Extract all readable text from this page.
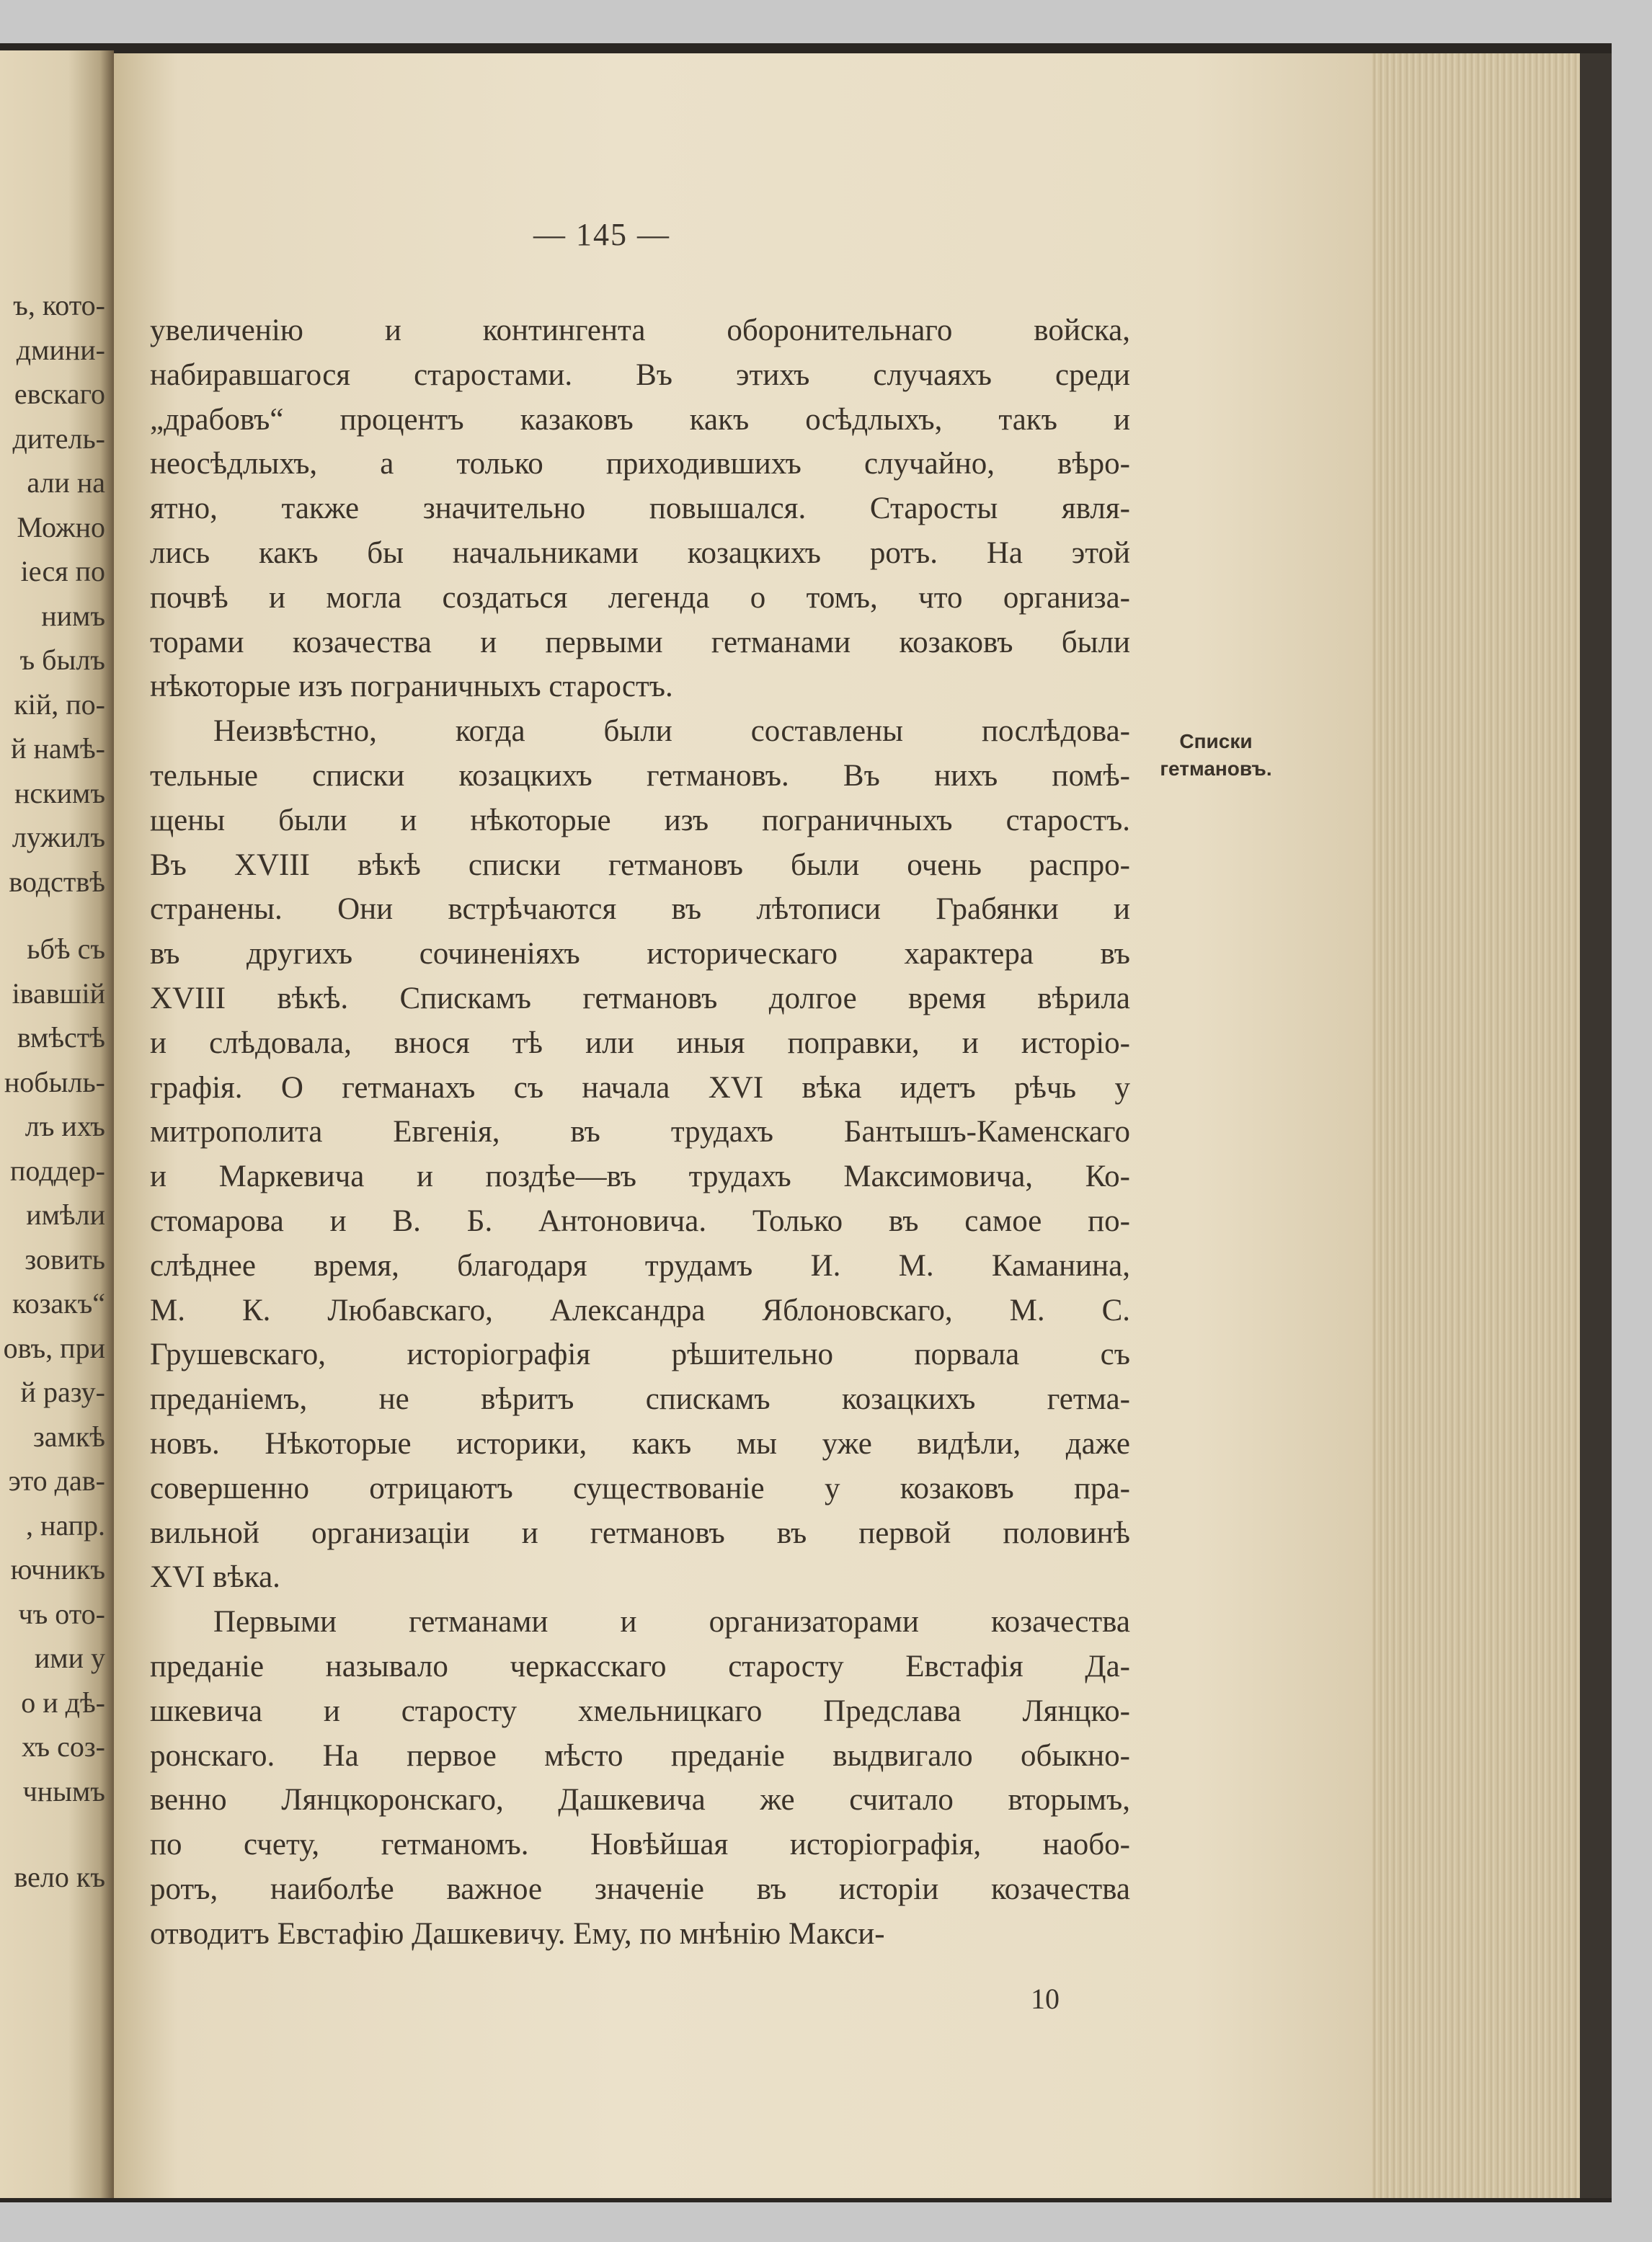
ъ, кото-
дмини-
евскаго
дитель-
али на
Можно
іеся по
нимъ
ъ былъ
кій, по-
й намѣ-
нскимъ
лужилъ
водствѣ
ьбѣ съ
івавшій
вмѣстѣ
нобыль-
лъ ихъ
поддер-
имѣли
зовить
козакъ“
овъ, при
й разу-
замкѣ
это дав-
, напр.
ючникъ
чъ ото-
ими у
о и дѣ-
хъ соз-
чнымъ
вело къ
— 145 —
увеличенію и контингента оборонительнаго войска,
набиравшагося старостами. Въ этихъ случаяхъ среди
„драбовъ“ процентъ казаковъ какъ осѣдлыхъ, такъ и
неосѣдлыхъ, а только приходившихъ случайно, вѣро-
ятно, также значительно повышался. Старосты явля-
лись какъ бы начальниками козацкихъ ротъ. На этой
почвѣ и могла создаться легенда о томъ, что организа-
торами козачества и первыми гетманами козаковъ были
нѣкоторые изъ пограничныхъ старостъ.
Неизвѣстно, когда были составлены послѣдова-
тельные списки козацкихъ гетмановъ. Въ нихъ помѣ-
щены были и нѣкоторые изъ пограничныхъ старостъ.
Въ XVIII вѣкѣ списки гетмановъ были очень распро-
странены. Они встрѣчаются въ лѣтописи Грабянки и
въ другихъ сочиненіяхъ историческаго характера въ
XVIII вѣкѣ. Спискамъ гетмановъ долгое время вѣрила
и слѣдовала, внося тѣ или иныя поправки, и исторіо-
графія. О гетманахъ съ начала XVI вѣка идетъ рѣчь у
митрополита Евгенія, въ трудахъ Бантышъ-Каменскаго
и Маркевича и поздѣе—въ трудахъ Максимовича, Ко-
стомарова и В. Б. Антоновича. Только въ самое по-
слѣднее время, благодаря трудамъ И. М. Каманина,
М. К. Любавскаго, Александра Яблоновскаго, М. С.
Грушевскаго, исторіографія рѣшительно порвала съ
преданіемъ, не вѣритъ спискамъ козацкихъ гетма-
новъ. Нѣкоторые историки, какъ мы уже видѣли, даже
совершенно отрицаютъ существованіе у козаковъ пра-
вильной организаціи и гетмановъ въ первой половинѣ
XVI вѣка.
Первыми гетманами и организаторами козачества
преданіе называло черкасскаго старосту Евстафія Да-
шкевича и старосту хмельницкаго Предслава Лянцко-
ронскаго. На первое мѣсто преданіе выдвигало обыкно-
венно Лянцкоронскаго, Дашкевича же считало вторымъ,
по счету, гетманомъ. Новѣйшая исторіографія, наобо-
ротъ, наиболѣе важное значеніе въ исторіи козачества
отводитъ Евстафію Дашкевичу. Ему, по мнѣнію Макси-
Списки гетмановъ.
10
